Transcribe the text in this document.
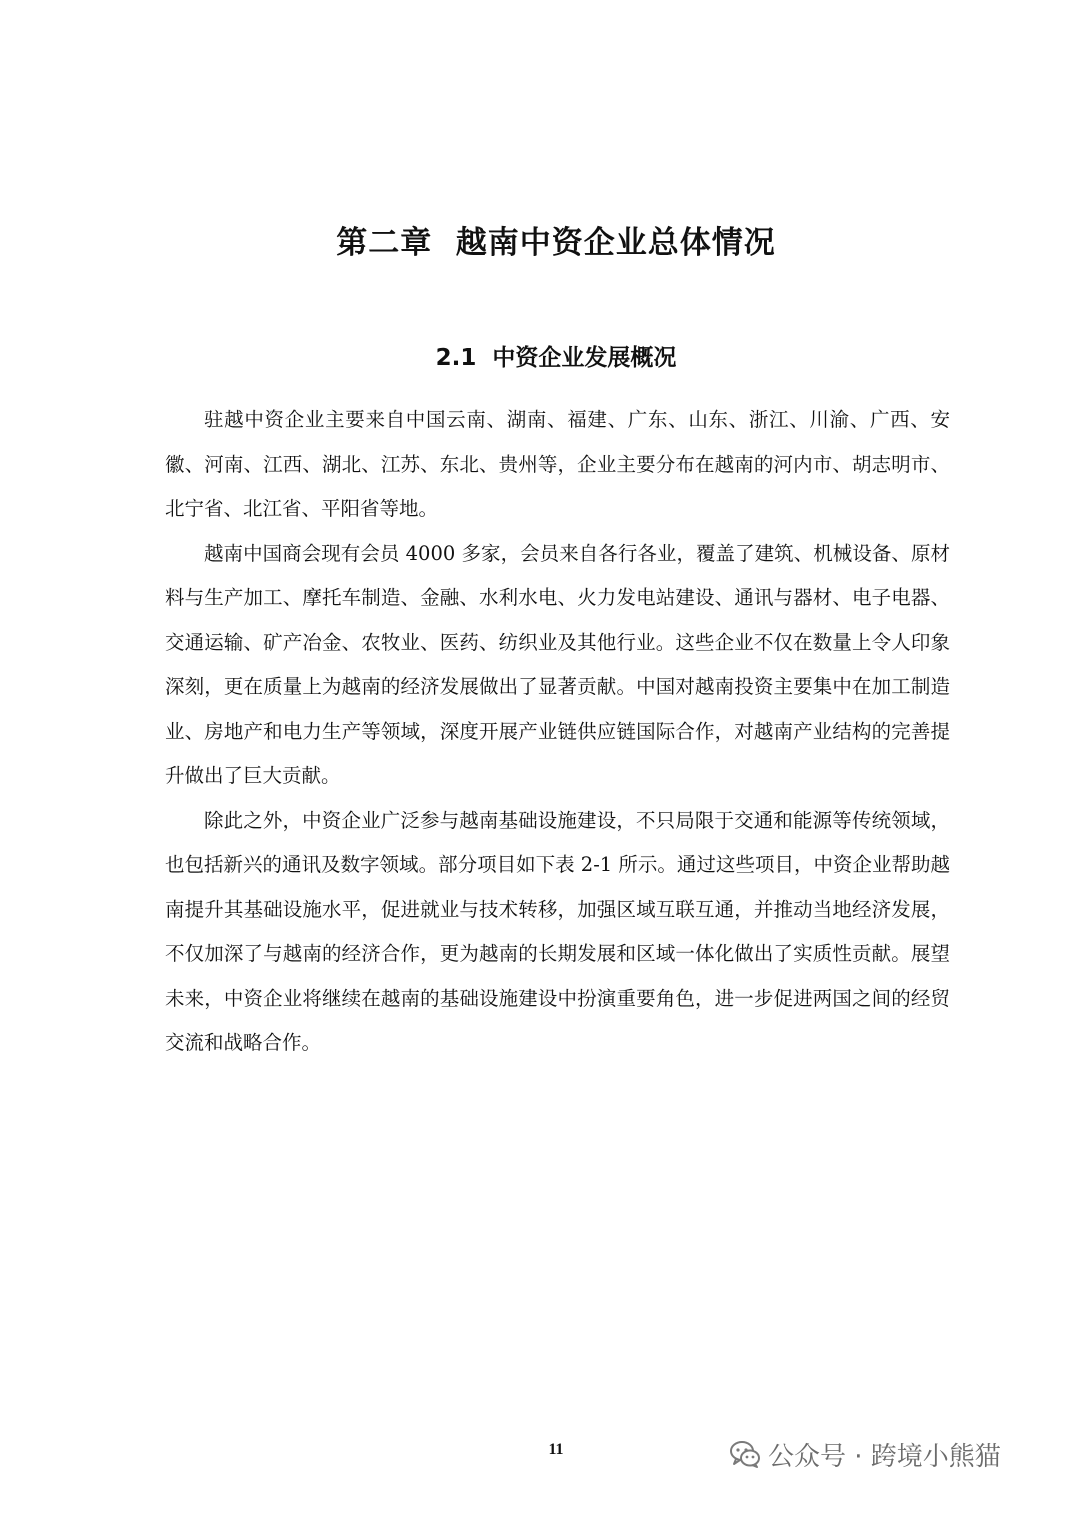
第二章  越南中资企业总体情况
2.1  中资企业发展概况

驻越中资企业主要来自中国云南、湖南、福建、广东、山东、浙江、川渝、广西、安徽、河南、江西、湖北、江苏、东北、贵州等，企业主要分布在越南的河内市、胡志明市、北宁省、北江省、平阳省等地。

越南中国商会现有会员 4000 多家，会员来自各行各业，覆盖了建筑、机械设备、原材料与生产加工、摩托车制造、金融、水利水电、火力发电站建设、通讯与器材、电子电器、交通运输、矿产冶金、农牧业、医药、纺织业及其他行业。这些企业不仅在数量上令人印象深刻，更在质量上为越南的经济发展做出了显著贡献。中国对越南投资主要集中在加工制造业、房地产和电力生产等领域，深度开展产业链供应链国际合作，对越南产业结构的完善提升做出了巨大贡献。

除此之外，中资企业广泛参与越南基础设施建设，不只局限于交通和能源等传统领域，也包括新兴的通讯及数字领域。部分项目如下表 2-1 所示。通过这些项目，中资企业帮助越南提升其基础设施水平，促进就业与技术转移，加强区域互联互通，并推动当地经济发展，不仅加深了与越南的经济合作，更为越南的长期发展和区域一体化做出了实质性贡献。展望未来，中资企业将继续在越南的基础设施建设中扮演重要角色，进一步促进两国之间的经贸交流和战略合作。

11	公众号 · 跨境小熊猫
